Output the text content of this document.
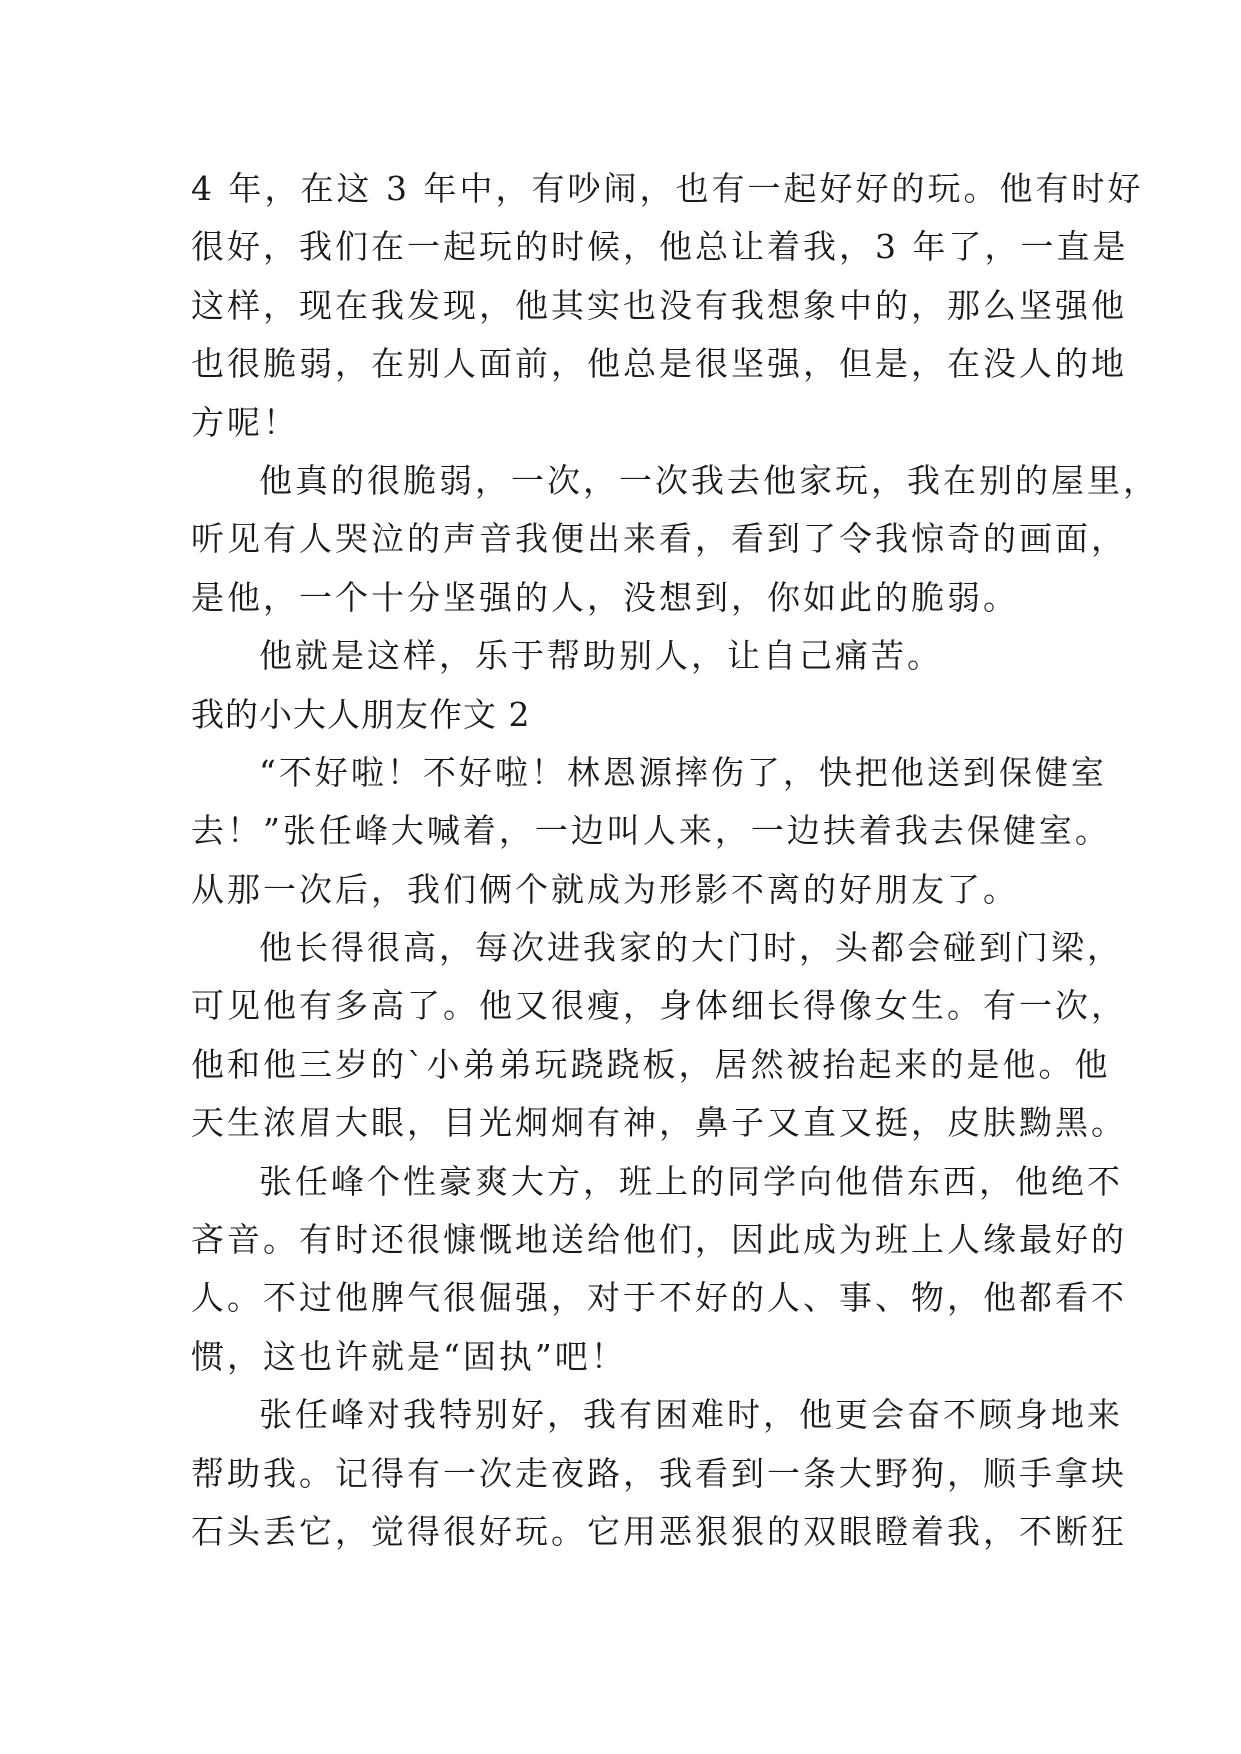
4 年，在这 3 年中，有吵闹，也有一起好好的玩。他有时好
很好，我们在一起玩的时候，他总让着我，3 年了，一直是
这样，现在我发现，他其实也没有我想象中的，那么坚强他
也很脆弱，在别人面前，他总是很坚强，但是，在没人的地
方呢！
他真的很脆弱，一次，一次我去他家玩，我在别的屋里，
听见有人哭泣的声音我便出来看，看到了令我惊奇的画面，
是他，一个十分坚强的人，没想到，你如此的脆弱。
他就是这样，乐于帮助别人，让自己痛苦。
我的小大人朋友作文 2
“不好啦！不好啦！林恩源摔伤了，快把他送到保健室
去！”张任峰大喊着，一边叫人来，一边扶着我去保健室。
从那一次后，我们俩个就成为形影不离的好朋友了。
他长得很高，每次进我家的大门时，头都会碰到门梁，
可见他有多高了。他又很瘦，身体细长得像女生。有一次，
他和他三岁的`小弟弟玩跷跷板，居然被抬起来的是他。他
天生浓眉大眼，目光炯炯有神，鼻子又直又挺，皮肤黝黑。
张任峰个性豪爽大方，班上的同学向他借东西，他绝不
吝音。有时还很慷慨地送给他们，因此成为班上人缘最好的
人。不过他脾气很倔强，对于不好的人、事、物，他都看不
惯，这也许就是“固执”吧！
张任峰对我特别好，我有困难时，他更会奋不顾身地来
帮助我。记得有一次走夜路，我看到一条大野狗，顺手拿块
石头丢它，觉得很好玩。它用恶狠狠的双眼瞪着我，不断狂
